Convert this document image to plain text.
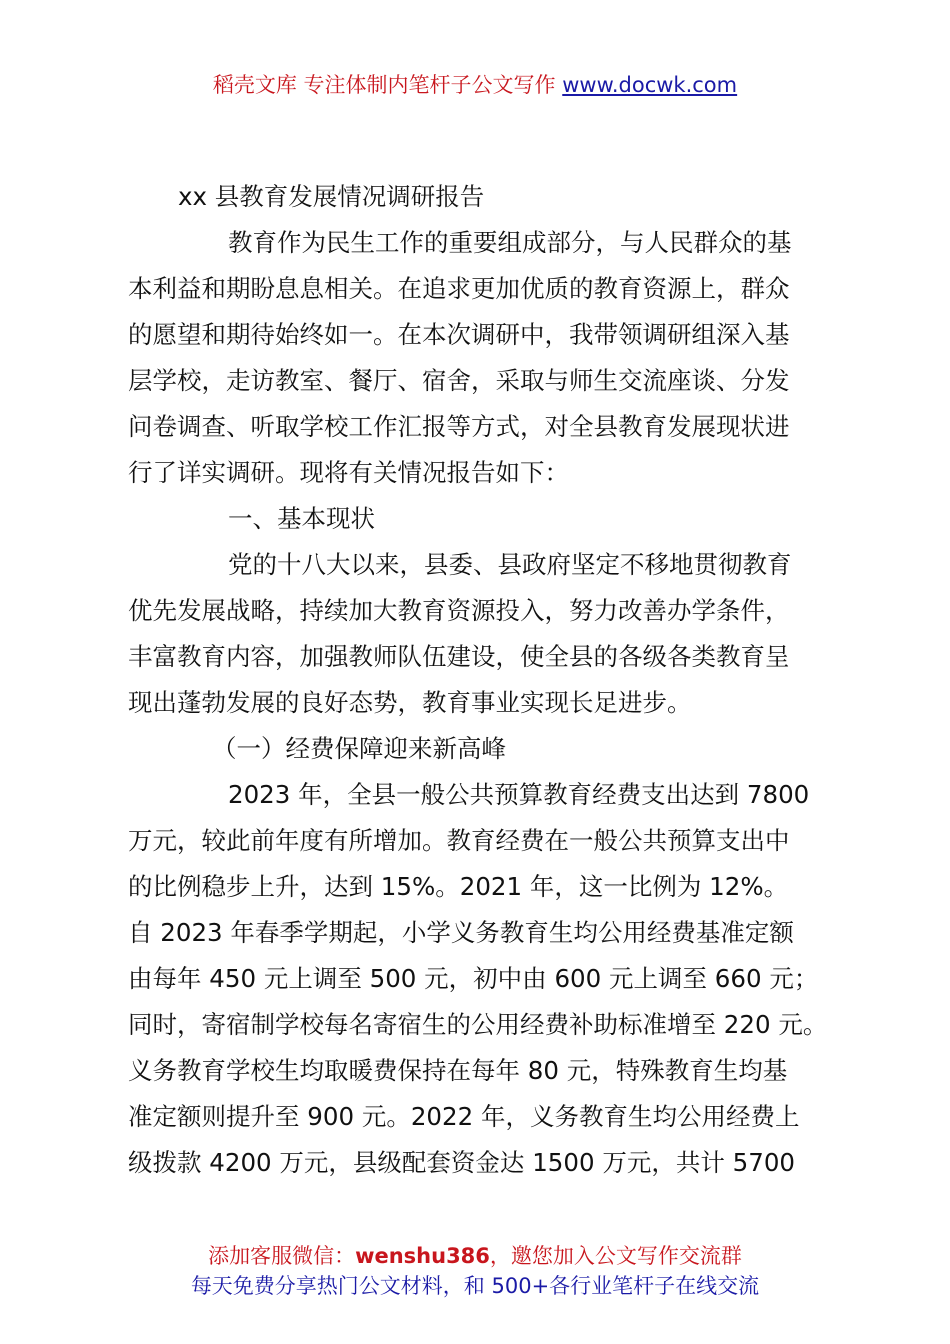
稻壳文库 专注体制内笔杆子公文写作 www.docwk.com
xx 县教育发展情况调研报告
教育作为民生工作的重要组成部分，与人民群众的基
本利益和期盼息息相关。在追求更加优质的教育资源上，群众
的愿望和期待始终如一。在本次调研中，我带领调研组深入基
层学校，走访教室、餐厅、宿舍，采取与师生交流座谈、分发
问卷调查、听取学校工作汇报等方式，对全县教育发展现状进
行了详实调研。现将有关情况报告如下：
一、基本现状
党的十八大以来，县委、县政府坚定不移地贯彻教育
优先发展战略，持续加大教育资源投入，努力改善办学条件，
丰富教育内容，加强教师队伍建设，使全县的各级各类教育呈
现出蓬勃发展的良好态势，教育事业实现长足进步。
（一）经费保障迎来新高峰
2023 年，全县一般公共预算教育经费支出达到 7800
万元，较此前年度有所增加。教育经费在一般公共预算支出中
的比例稳步上升，达到 15%。2021 年，这一比例为 12%。
自 2023 年春季学期起，小学义务教育生均公用经费基准定额
由每年 450 元上调至 500 元，初中由 600 元上调至 660 元；
同时，寄宿制学校每名寄宿生的公用经费补助标准增至 220 元。
义务教育学校生均取暖费保持在每年 80 元，特殊教育生均基
准定额则提升至 900 元。2022 年，义务教育生均公用经费上
级拨款 4200 万元，县级配套资金达 1500 万元，共计 5700
添加客服微信：wenshu386，邀您加入公文写作交流群
每天免费分享热门公文材料，和 500+各行业笔杆子在线交流
